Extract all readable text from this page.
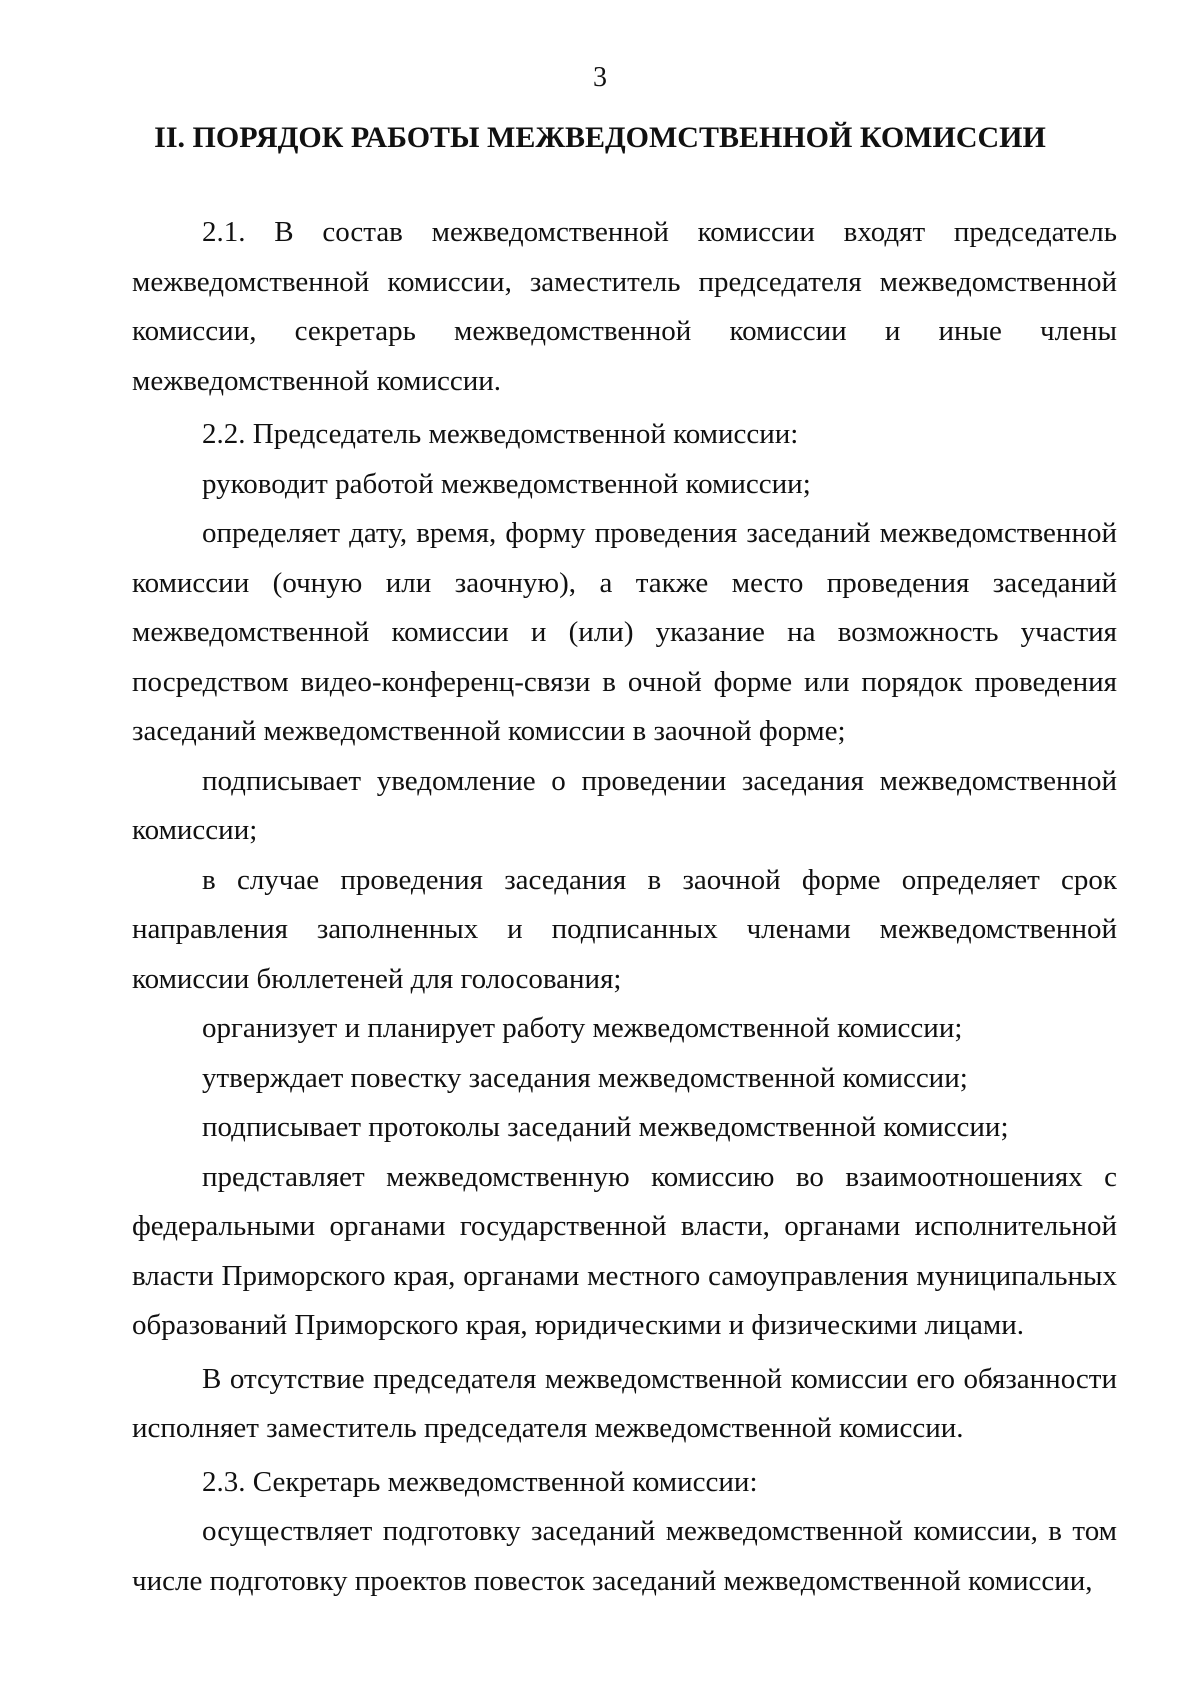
3
II. ПОРЯДОК РАБОТЫ МЕЖВЕДОМСТВЕННОЙ КОМИССИИ

2.1. В состав межведомственной комиссии входят председатель межведомственной комиссии, заместитель председателя межведомственной комиссии, секретарь межведомственной комиссии и иные члены межведомственной комиссии.

2.2. Председатель межведомственной комиссии:

руководит работой межведомственной комиссии;

определяет дату, время, форму проведения заседаний межведомственной комиссии (очную или заочную), а также место проведения заседаний межведомственной комиссии и (или) указание на возможность участия посредством видео-конференц-связи в очной форме или порядок проведения заседаний межведомственной комиссии в заочной форме;

подписывает уведомление о проведении заседания межведомственной комиссии;

в случае проведения заседания в заочной форме определяет срок направления заполненных и подписанных членами межведомственной комиссии бюллетеней для голосования;

организует и планирует работу межведомственной комиссии;

утверждает повестку заседания межведомственной комиссии;

подписывает протоколы заседаний межведомственной комиссии;

представляет межведомственную комиссию во взаимоотношениях с федеральными органами государственной власти, органами исполнительной власти Приморского края, органами местного самоуправления муниципальных образований Приморского края, юридическими и физическими лицами.

В отсутствие председателя межведомственной комиссии его обязанности исполняет заместитель председателя межведомственной комиссии.

2.3. Секретарь межведомственной комиссии:

осуществляет подготовку заседаний межведомственной комиссии, в том числе подготовку проектов повесток заседаний межведомственной комиссии,
